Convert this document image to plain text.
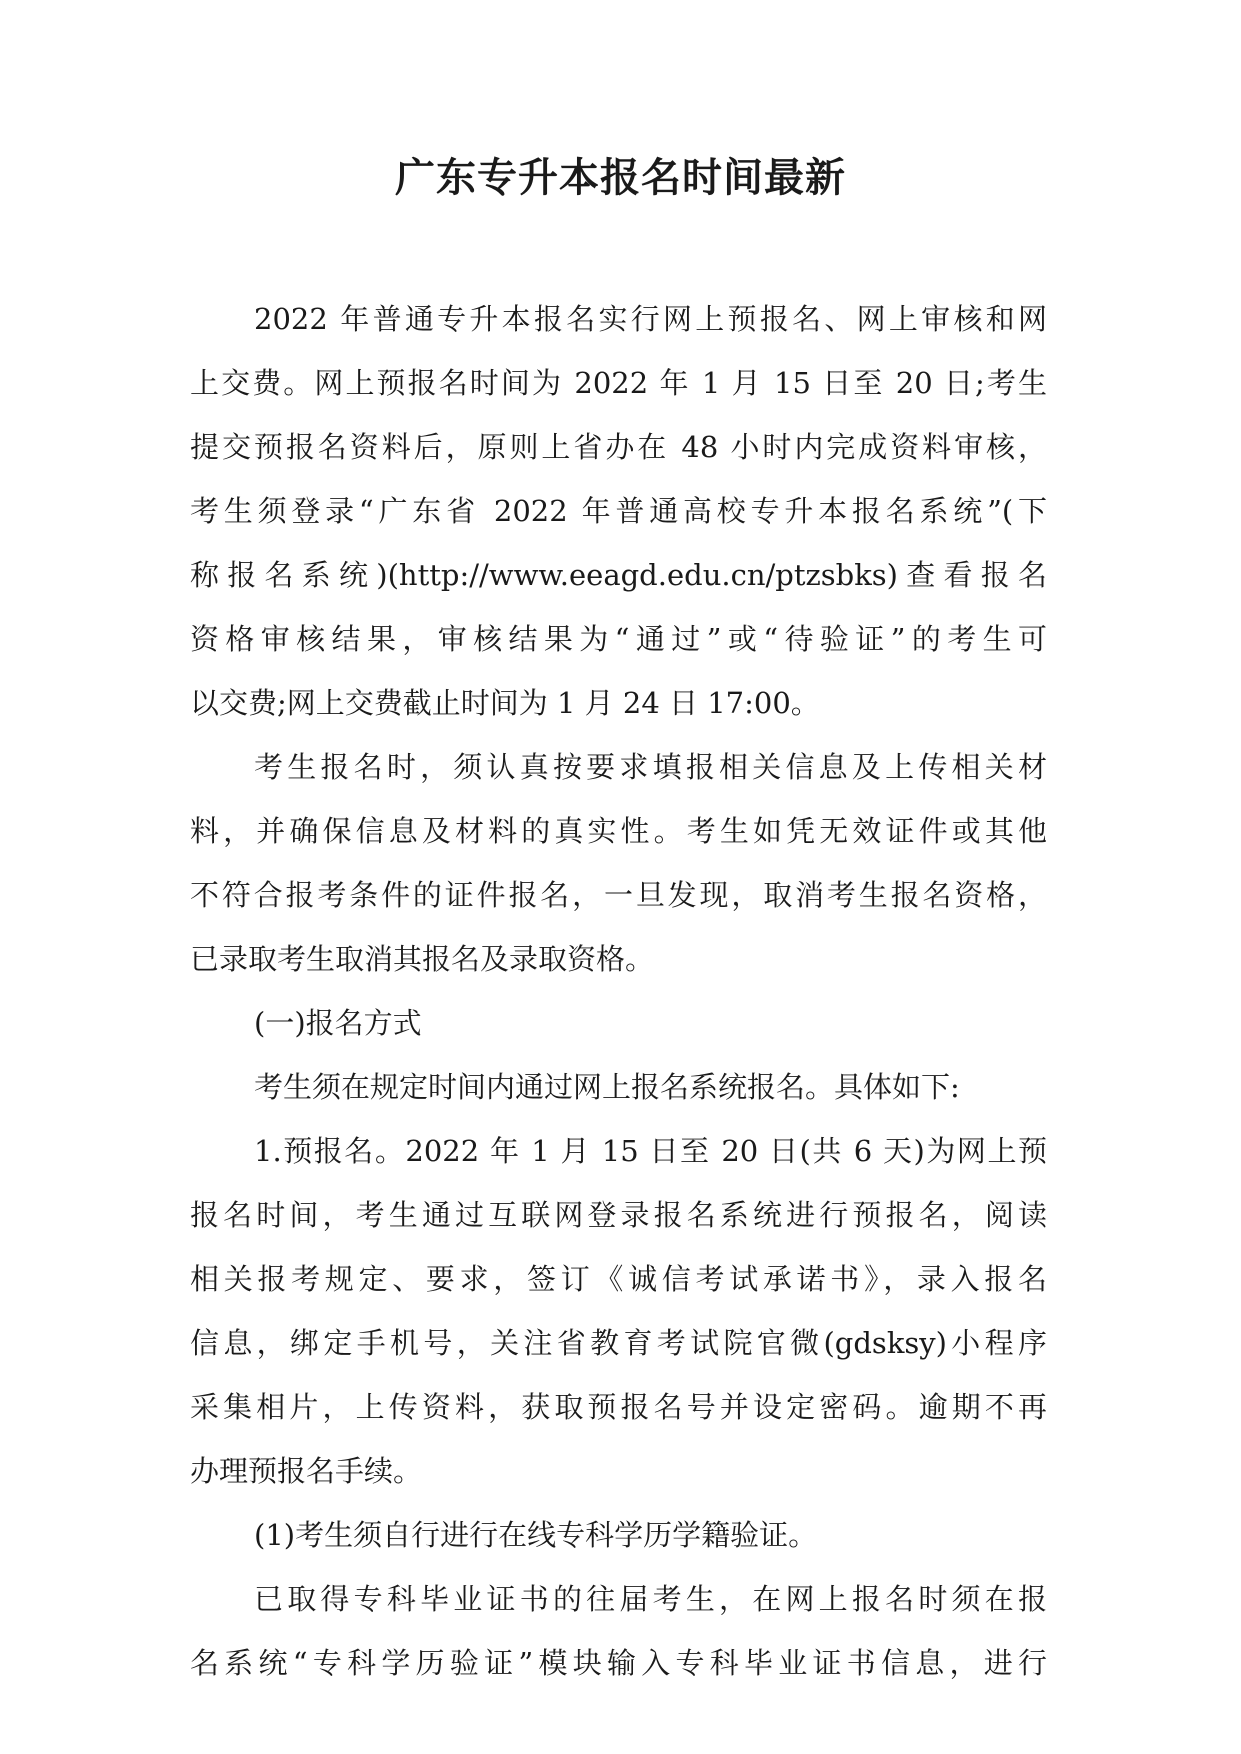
广东专升本报名时间最新
2022 年普通专升本报名实行网上预报名、网上审核和网
上交费。网上预报名时间为 2022 年 1 月 15 日至 20 日;考生
提交预报名资料后，原则上省办在 48 小时内完成资料审核，
考生须登录“广东省 2022 年普通高校专升本报名系统”(下
称报名系统)(http://www.eeagd.edu.cn/ptzsbks)查看报名
资格审核结果，审核结果为“通过”或“待验证”的考生可
以交费;网上交费截止时间为 1 月 24 日 17:00。
考生报名时，须认真按要求填报相关信息及上传相关材
料，并确保信息及材料的真实性。考生如凭无效证件或其他
不符合报考条件的证件报名，一旦发现，取消考生报名资格，
已录取考生取消其报名及录取资格。
(一)报名方式
考生须在规定时间内通过网上报名系统报名。具体如下:
1.预报名。2022 年 1 月 15 日至 20 日(共 6 天)为网上预
报名时间，考生通过互联网登录报名系统进行预报名，阅读
相关报考规定、要求，签订《诚信考试承诺书》，录入报名
信息，绑定手机号，关注省教育考试院官微(gdsksy)小程序
采集相片，上传资料，获取预报名号并设定密码。逾期不再
办理预报名手续。
(1)考生须自行进行在线专科学历学籍验证。
已取得专科毕业证书的往届考生，在网上报名时须在报
名系统“专科学历验证”模块输入专科毕业证书信息，进行
